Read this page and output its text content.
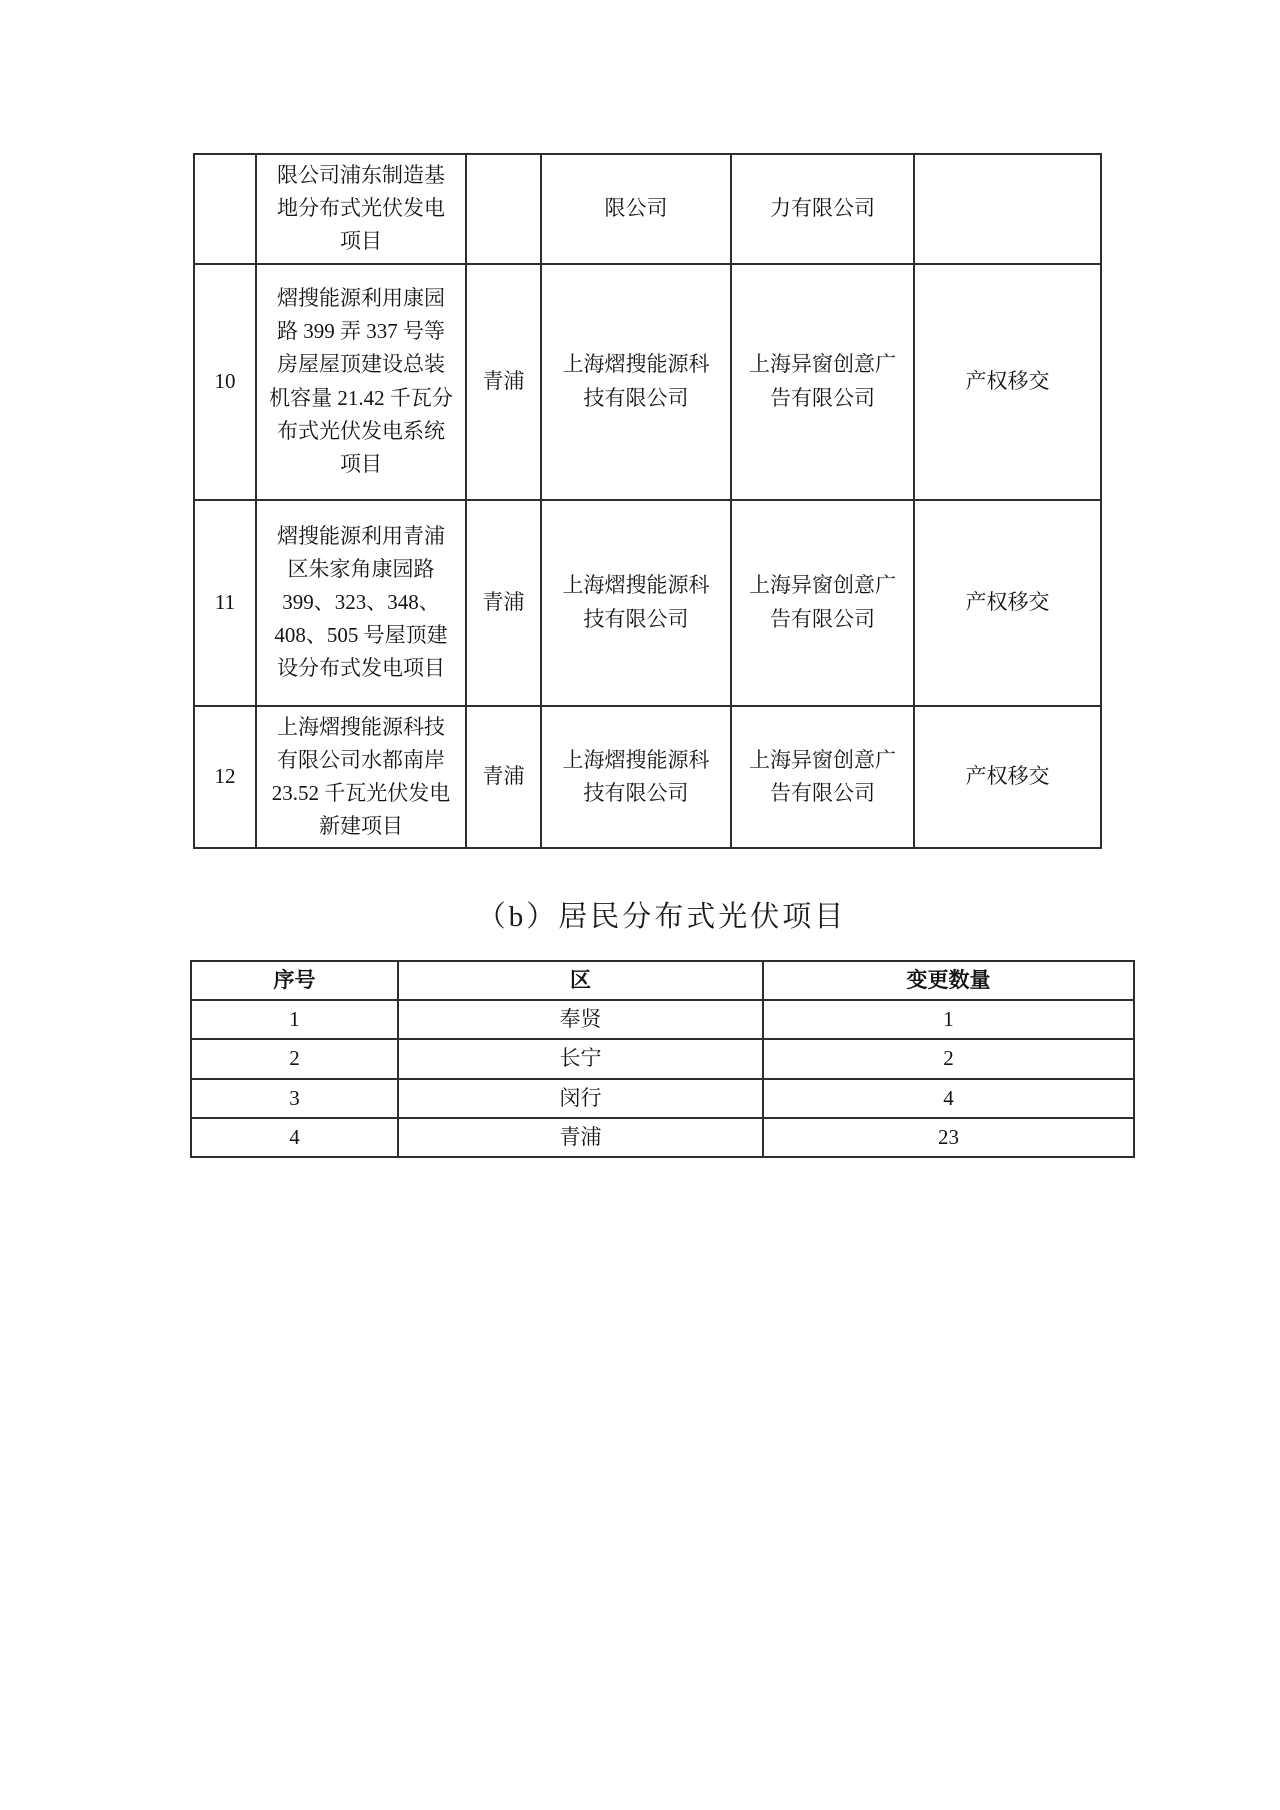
	限公司浦东制造基地分布式光伏发电项目		限公司	力有限公司	
10	熠搜能源利用康园路 399 弄 337 号等房屋屋顶建设总装机容量 21.42 千瓦分布式光伏发电系统项目	青浦	上海熠搜能源科技有限公司	上海异窗创意广告有限公司	产权移交
11	熠搜能源利用青浦区朱家角康园路 399、323、348、408、505 号屋顶建设分布式发电项目	青浦	上海熠搜能源科技有限公司	上海异窗创意广告有限公司	产权移交
12	上海熠搜能源科技有限公司水都南岸23.52 千瓦光伏发电新建项目	青浦	上海熠搜能源科技有限公司	上海异窗创意广告有限公司	产权移交
（b）居民分布式光伏项目
序号	区	变更数量
1	奉贤	1
2	长宁	2
3	闵行	4
4	青浦	23
